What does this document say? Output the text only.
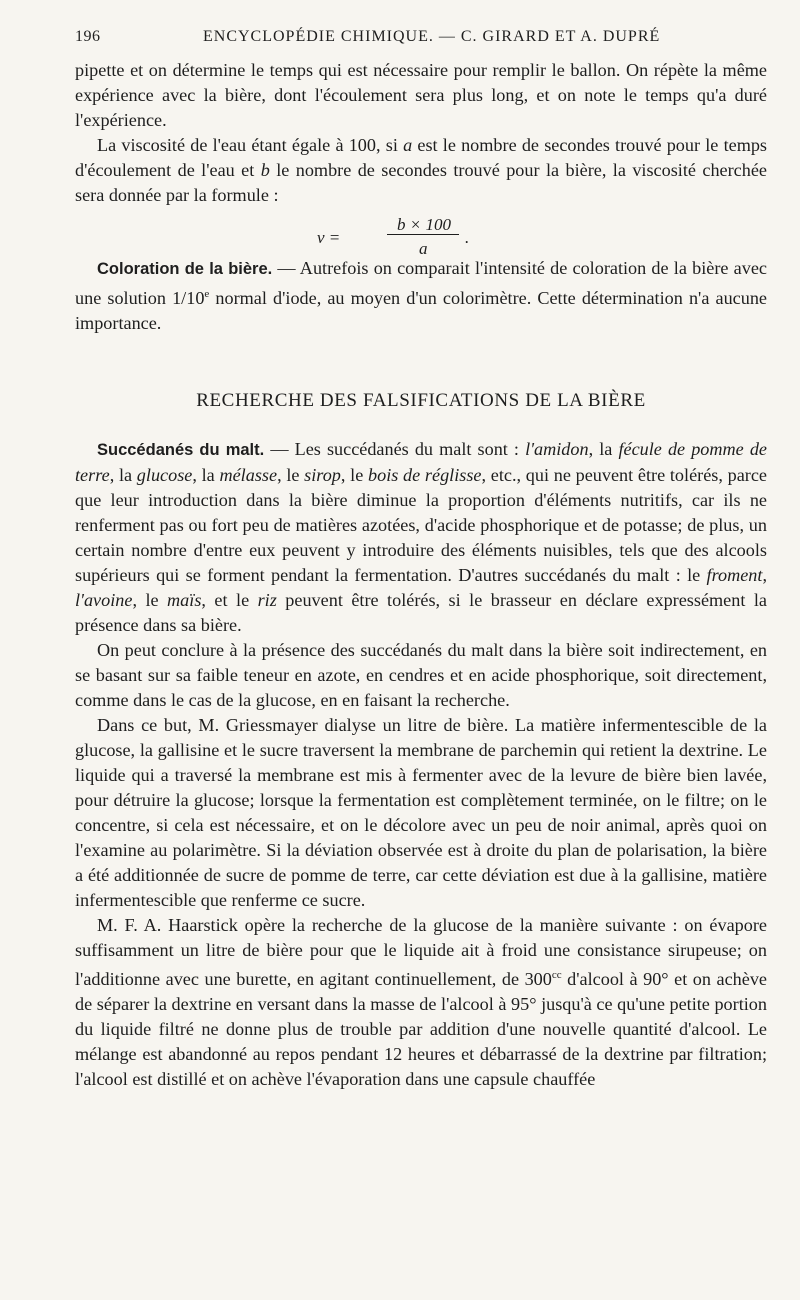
196	ENCYCLOPÉDIE CHIMIQUE. — C. GIRARD ET A. DUPRÉ

pipette et on détermine le temps qui est nécessaire pour remplir le ballon. On répète la même expérience avec la bière, dont l'écoulement sera plus long, et on note le temps qu'a duré l'expérience.

La viscosité de l'eau étant égale à 100, si a est le nombre de secondes trouvé pour le temps d'écoulement de l'eau et b le nombre de secondes trouvé pour la bière, la viscosité cherchée sera donnée par la formule :

v =
b × 100
a
.

Coloration de la bière. — Autrefois on comparait l'intensité de coloration de la bière avec une solution 1/10e normal d'iode, au moyen d'un colorimètre. Cette détermination n'a aucune importance.

RECHERCHE DES FALSIFICATIONS DE LA BIÈRE

Succédanés du malt. — Les succédanés du malt sont : l'amidon, la fécule de pomme de terre, la glucose, la mélasse, le sirop, le bois de réglisse, etc., qui ne peuvent être tolérés, parce que leur introduction dans la bière diminue la proportion d'éléments nutritifs, car ils ne renferment pas ou fort peu de matières azotées, d'acide phosphorique et de potasse; de plus, un certain nombre d'entre eux peuvent y introduire des éléments nuisibles, tels que des alcools supérieurs qui se forment pendant la fermentation. D'autres succédanés du malt : le froment, l'avoine, le maïs, et le riz peuvent être tolérés, si le brasseur en déclare expressément la présence dans sa bière.

On peut conclure à la présence des succédanés du malt dans la bière soit indirectement, en se basant sur sa faible teneur en azote, en cendres et en acide phosphorique, soit directement, comme dans le cas de la glucose, en en faisant la recherche.

Dans ce but, M. Griessmayer dialyse un litre de bière. La matière infermentescible de la glucose, la gallisine et le sucre traversent la membrane de parchemin qui retient la dextrine. Le liquide qui a traversé la membrane est mis à fermenter avec de la levure de bière bien lavée, pour détruire la glucose; lorsque la fermentation est complètement terminée, on le filtre; on le concentre, si cela est nécessaire, et on le décolore avec un peu de noir animal, après quoi on l'examine au polarimètre. Si la déviation observée est à droite du plan de polarisation, la bière a été additionnée de sucre de pomme de terre, car cette déviation est due à la gallisine, matière infermentescible que renferme ce sucre.

M. F. A. Haarstick opère la recherche de la glucose de la manière suivante : on évapore suffisamment un litre de bière pour que le liquide ait à froid une consistance sirupeuse; on l'additionne avec une burette, en agitant continuellement, de $300^{cc}$ d'alcool à 90° et on achève de séparer la dextrine en versant dans la masse de l'alcool à 95° jusqu'à ce qu'une petite portion du liquide filtré ne donne plus de trouble par addition d'une nouvelle quantité d'alcool. Le mélange est abandonné au repos pendant 12 heures et débarrassé de la dextrine par filtration; l'alcool est distillé et on achève l'évaporation dans une capsule chauffée
